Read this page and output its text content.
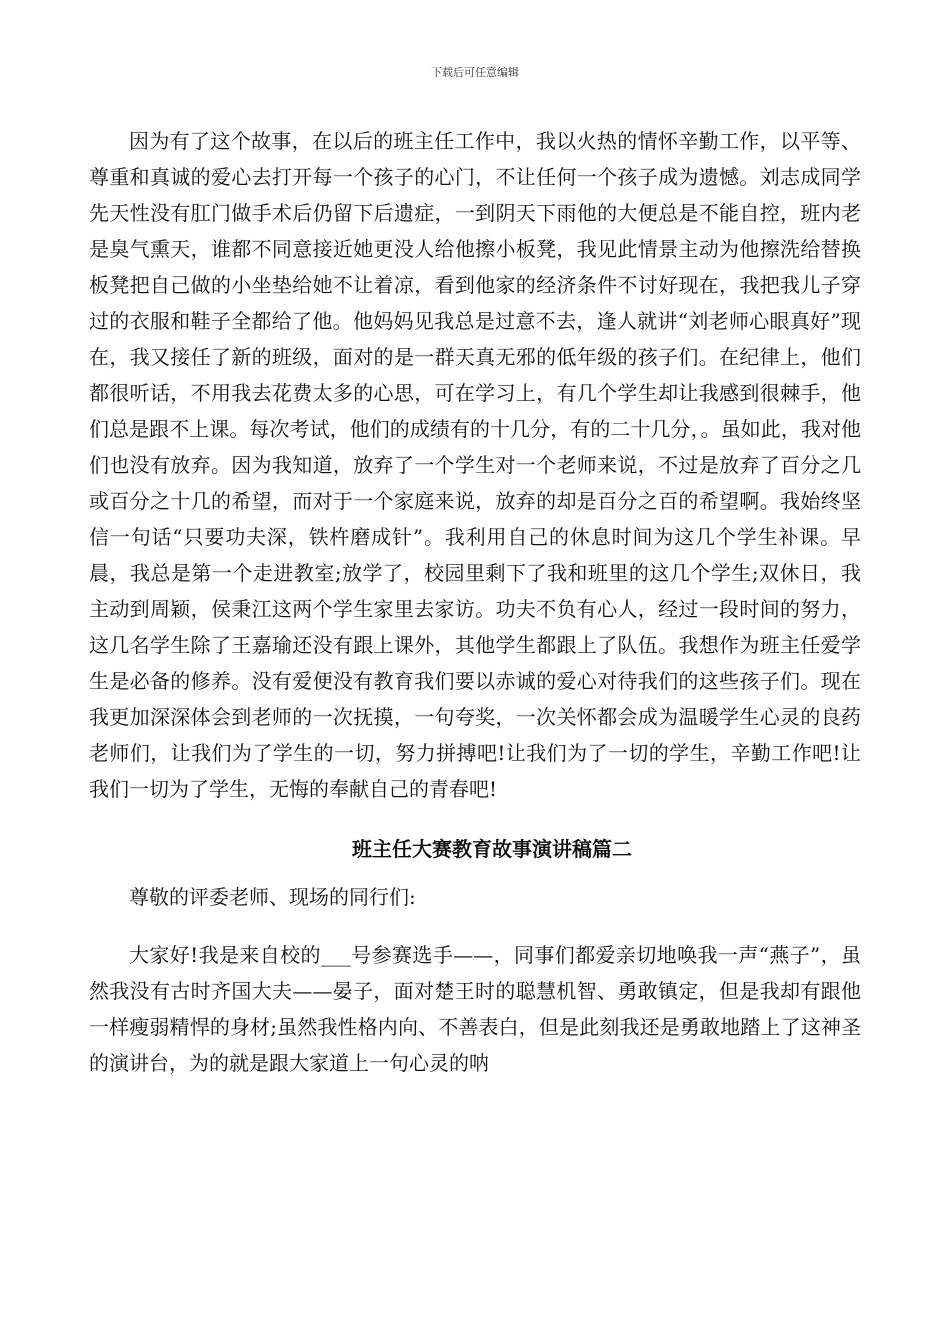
下载后可任意编辑

因为有了这个故事，在以后的班主任工作中，我以火热的情怀辛勤工作，以平等、尊重和真诚的爱心去打开每一个孩子的心门，不让任何一个孩子成为遗憾。刘志成同学先天性没有肛门做手术后仍留下后遗症，一到阴天下雨他的大便总是不能自控，班内老是臭气熏天，谁都不同意接近她更没人给他擦小板凳，我见此情景主动为他擦洗给替换板凳把自己做的小坐垫给她不让着凉，看到他家的经济条件不讨好现在，我把我儿子穿过的衣服和鞋子全都给了他。他妈妈见我总是过意不去，逢人就讲“刘老师心眼真好”现在，我又接任了新的班级，面对的是一群天真无邪的低年级的孩子们。在纪律上，他们都很听话，不用我去花费太多的心思，可在学习上，有几个学生却让我感到很棘手，他们总是跟不上课。每次考试，他们的成绩有的十几分，有的二十几分，。虽如此，我对他们也没有放弃。因为我知道，放弃了一个学生对一个老师来说，不过是放弃了百分之几或百分之十几的希望，而对于一个家庭来说，放弃的却是百分之百的希望啊。我始终坚信一句话“只要功夫深，铁杵磨成针”。我利用自己的休息时间为这几个学生补课。早晨，我总是第一个走进教室;放学了，校园里剩下了我和班里的这几个学生;双休日，我主动到周颖，侯秉江这两个学生家里去家访。功夫不负有心人，经过一段时间的努力，这几名学生除了王嘉瑜还没有跟上课外，其他学生都跟上了队伍。我想作为班主任爱学生是必备的修养。没有爱便没有教育我们要以赤诚的爱心对待我们的这些孩子们。现在我更加深深体会到老师的一次抚摸，一句夸奖，一次关怀都会成为温暖学生心灵的良药老师们，让我们为了学生的一切，努力拼搏吧!让我们为了一切的学生，辛勤工作吧!让我们一切为了学生，无悔的奉献自己的青春吧!

班主任大赛教育故事演讲稿篇二

尊敬的评委老师、现场的同行们:

大家好!我是来自校的___号参赛选手——，同事们都爱亲切地唤我一声“燕子”，虽然我没有古时齐国大夫——晏子，面对楚王时的聪慧机智、勇敢镇定，但是我却有跟他一样瘦弱精悍的身材;虽然我性格内向、不善表白，但是此刻我还是勇敢地踏上了这神圣的演讲台，为的就是跟大家道上一句心灵的呐
